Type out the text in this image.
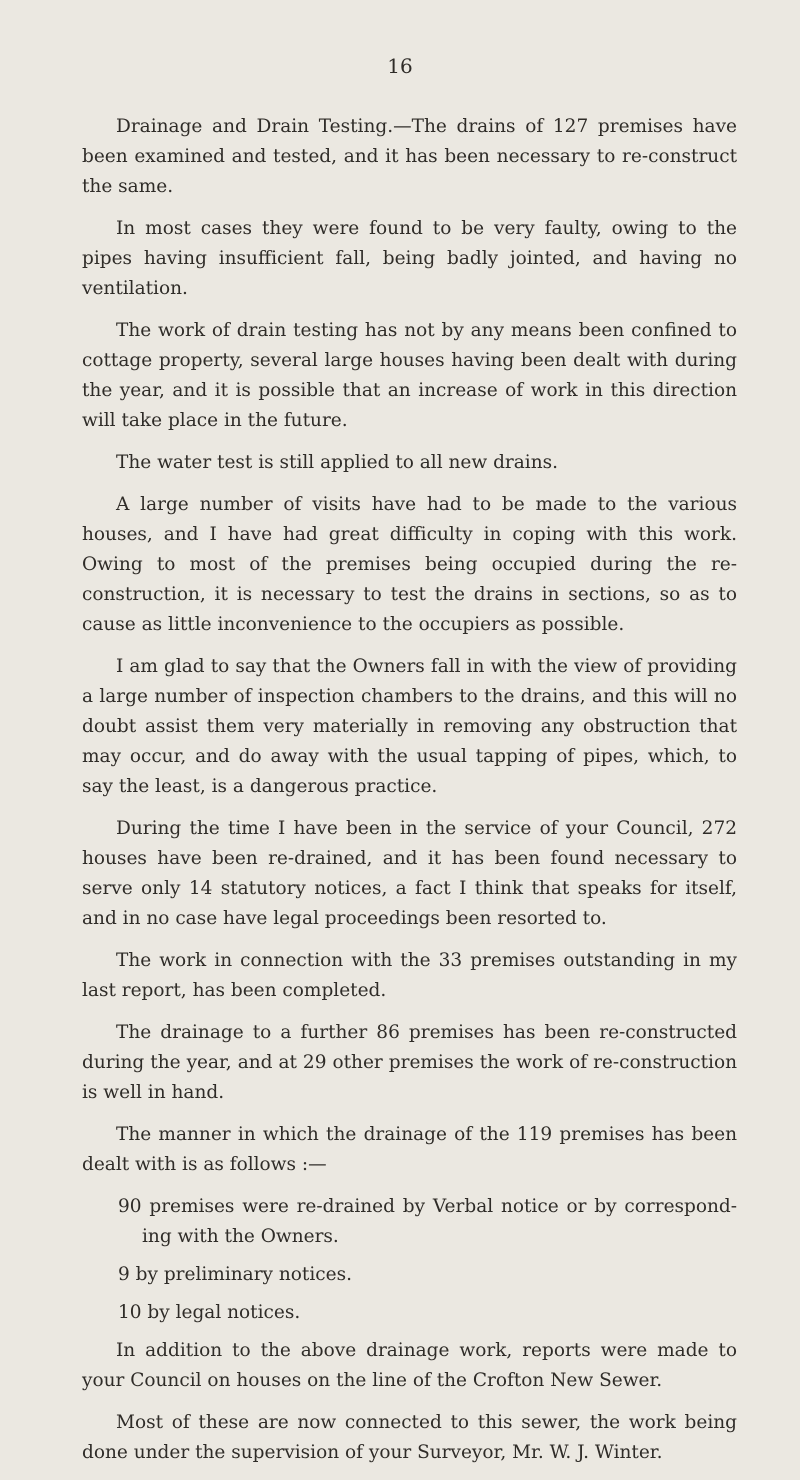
16

Drainage and Drain Testing.—The drains of 127 premises have been examined and tested, and it has been necessary to re-construct the same.

In most cases they were found to be very faulty, owing to the pipes having insufficient fall, being badly jointed, and having no ventilation.

The work of drain testing has not by any means been confined to cottage property, several large houses having been dealt with during the year, and it is possible that an increase of work in this direction will take place in the future.

The water test is still applied to all new drains.

A large number of visits have had to be made to the various houses, and I have had great difficulty in coping with this work. Owing to most of the premises being occupied during the re-construction, it is necessary to test the drains in sections, so as to cause as little inconvenience to the occupiers as possible.

I am glad to say that the Owners fall in with the view of providing a large number of inspection chambers to the drains, and this will no doubt assist them very materially in removing any obstruction that may occur, and do away with the usual tapping of pipes, which, to say the least, is a dangerous practice.

During the time I have been in the service of your Council, 272 houses have been re-drained, and it has been found necessary to serve only 14 statutory notices, a fact I think that speaks for itself, and in no case have legal proceedings been resorted to.

The work in connection with the 33 premises outstanding in my last report, has been completed.

The drainage to a further 86 premises has been re-constructed during the year, and at 29 other premises the work of re-construction is well in hand.

The manner in which the drainage of the 119 premises has been dealt with is as follows :—

90 premises were re-drained by Verbal notice or by correspond- ing with the Owners.
9 by preliminary notices.
10 by legal notices.

In addition to the above drainage work, reports were made to your Council on houses on the line of the Crofton New Sewer.

Most of these are now connected to this sewer, the work being done under the supervision of your Surveyor, Mr. W. J. Winter.
